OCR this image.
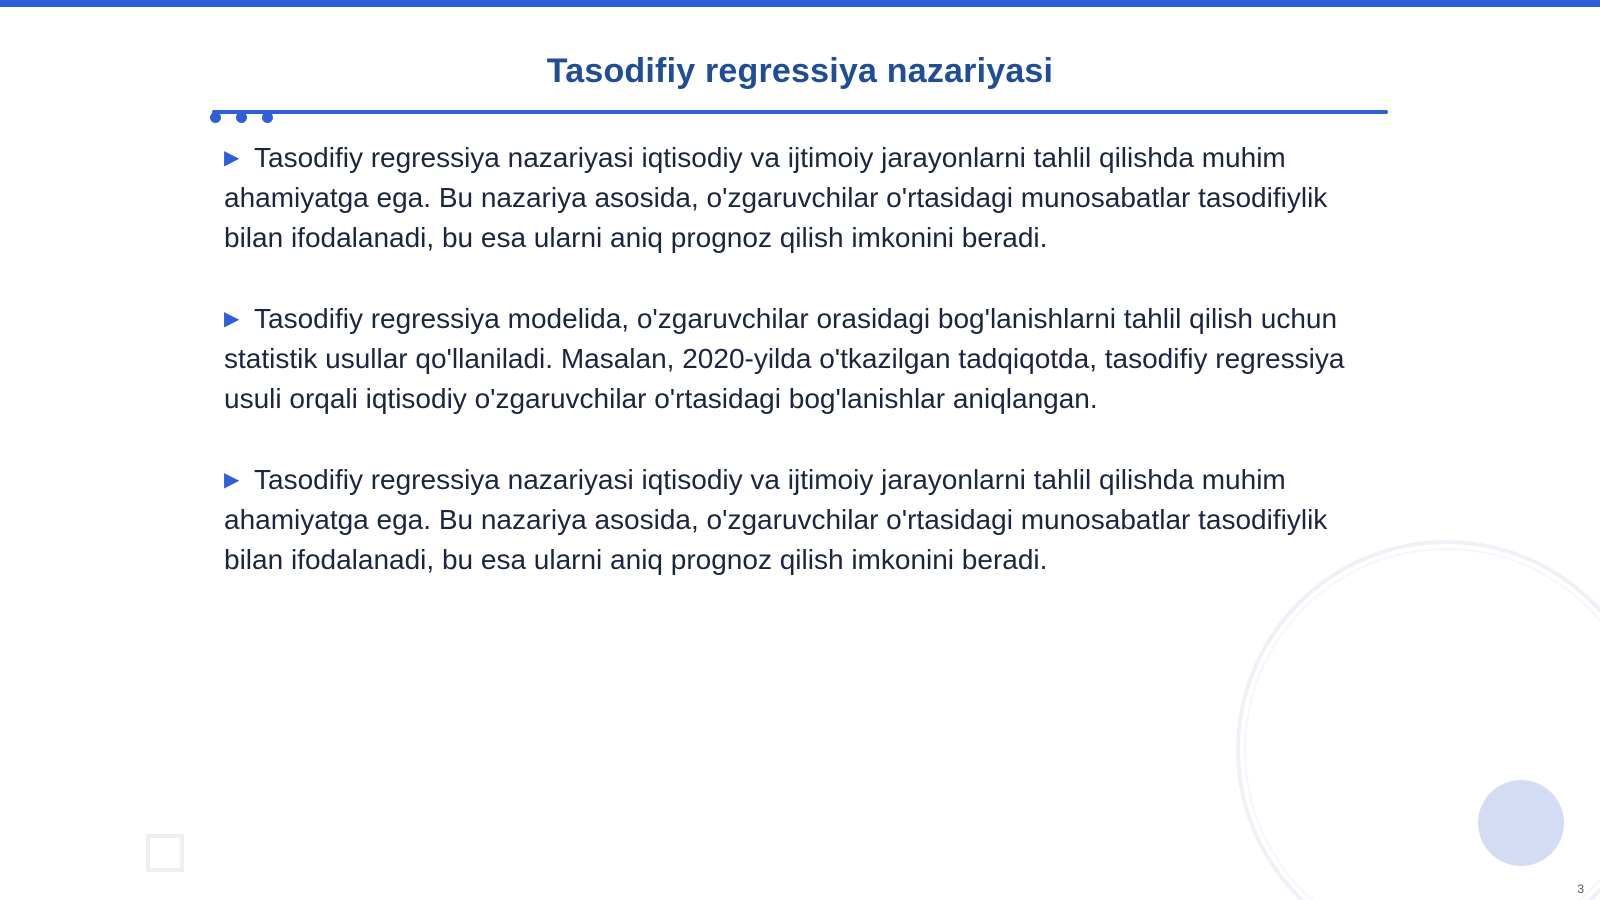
Tasodifiy regressiya nazariyasi

▶ Tasodifiy regressiya nazariyasi iqtisodiy va ijtimoiy jarayonlarni tahlil qilishda muhim ahamiyatga ega. Bu nazariya asosida, o'zgaruvchilar o'rtasidagi munosabatlar tasodifiylik bilan ifodalanadi, bu esa ularni aniq prognoz qilish imkonini beradi.

▶ Tasodifiy regressiya modelida, o'zgaruvchilar orasidagi bog'lanishlarni tahlil qilish uchun statistik usullar qo'llaniladi. Masalan, 2020-yilda o'tkazilgan tadqiqotda, tasodifiy regressiya usuli orqali iqtisodiy o'zgaruvchilar o'rtasidagi bog'lanishlar aniqlangan.

▶ Tasodifiy regressiya nazariyasi iqtisodiy va ijtimoiy jarayonlarni tahlil qilishda muhim ahamiyatga ega. Bu nazariya asosida, o'zgaruvchilar o'rtasidagi munosabatlar tasodifiylik bilan ifodalanadi, bu esa ularni aniq prognoz qilish imkonini beradi.

3
